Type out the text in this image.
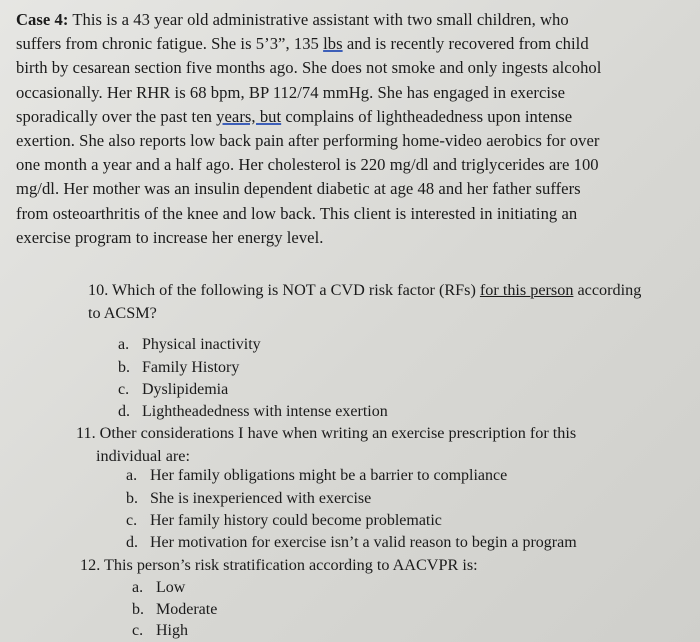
Case 4: This is a 43 year old administrative assistant with two small children, who
suffers from chronic fatigue. She is 5’3”, 135 lbs and is recently recovered from child
birth by cesarean section five months ago. She does not smoke and only ingests alcohol
occasionally. Her RHR is 68 bpm, BP 112/74 mmHg. She has engaged in exercise
sporadically over the past ten years, but complains of lightheadedness upon intense
exertion. She also reports low back pain after performing home-video aerobics for over
one month a year and a half ago. Her cholesterol is 220 mg/dl and triglycerides are 100
mg/dl. Her mother was an insulin dependent diabetic at age 48 and her father suffers
from osteoarthritis of the knee and low back. This client is interested in initiating an
exercise program to increase her energy level.
10. Which of the following is NOT a CVD risk factor (RFs) for this person according
to ACSM?
a. Physical inactivity
b. Family History
c. Dyslipidemia
d. Lightheadedness with intense exertion
11. Other considerations I have when writing an exercise prescription for this
individual are:
a. Her family obligations might be a barrier to compliance
b. She is inexperienced with exercise
c. Her family history could become problematic
d. Her motivation for exercise isn’t a valid reason to begin a program
12. This person’s risk stratification according to AACVPR is:
a. Low
b. Moderate
c. High
